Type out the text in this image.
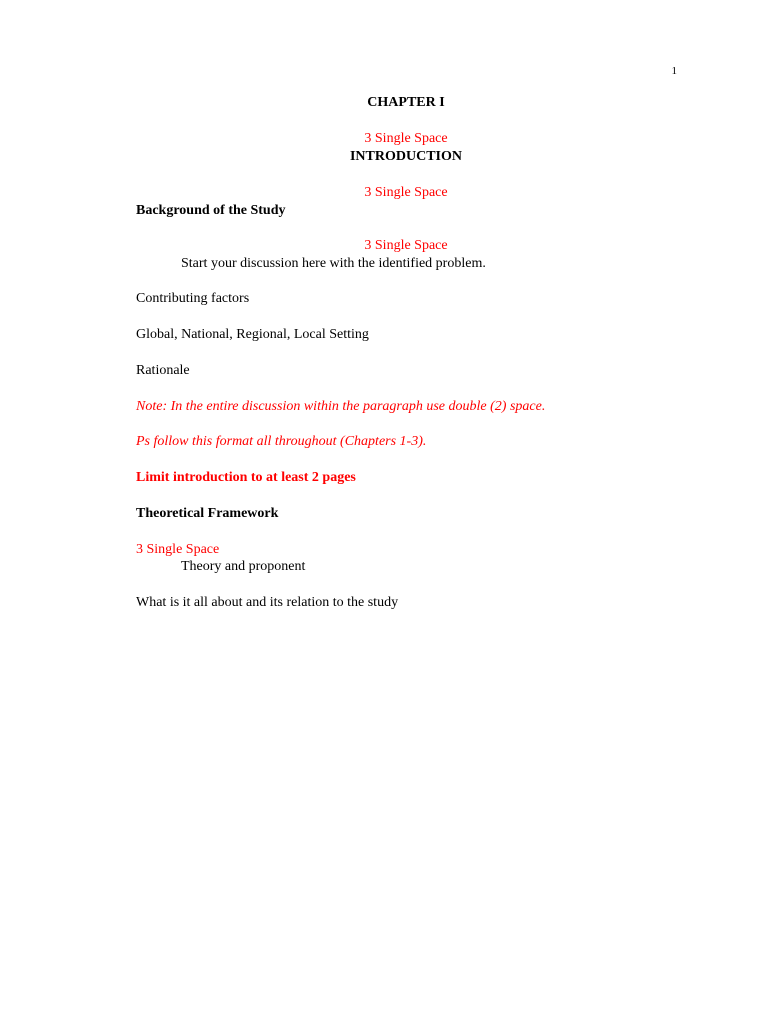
1
CHAPTER I
3 Single Space
INTRODUCTION
3 Single Space
Background of the Study
3 Single Space
Start your discussion here with the identified problem.
Contributing factors
Global, National, Regional, Local Setting
Rationale
Note: In the entire discussion within the paragraph use double (2) space.
Ps follow this format all throughout (Chapters 1-3).
Limit introduction to at least 2 pages
Theoretical Framework
3 Single Space
Theory and proponent
What is it all about and its relation to the study
